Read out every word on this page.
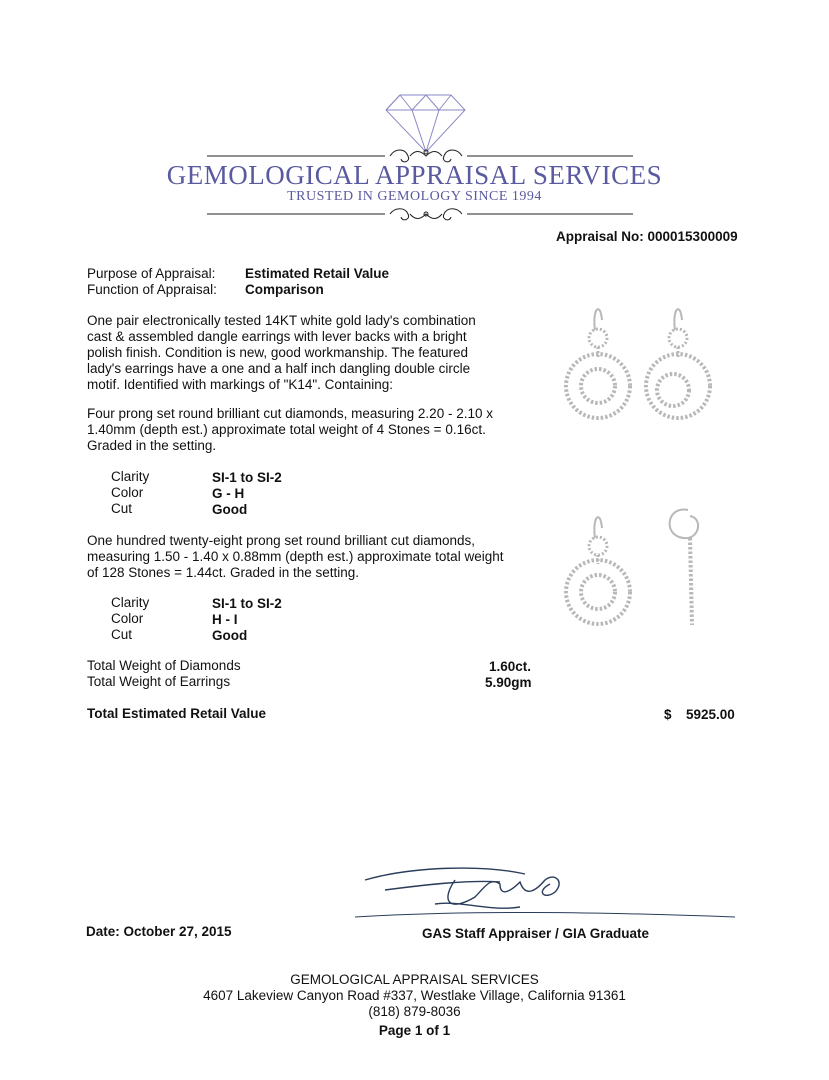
GEMOLOGICAL APPRAISAL SERVICES
TRUSTED IN GEMOLOGY SINCE 1994
Appraisal No: 000015300009
Purpose of Appraisal: Estimated Retail Value
Function of Appraisal: Comparison
One pair electronically tested 14KT white gold lady's combination cast & assembled dangle earrings with lever backs with a bright polish finish. Condition is new, good workmanship. The featured lady's earrings have a one and a half inch dangling double circle motif. Identified with markings of "K14". Containing:
Four prong set round brilliant cut diamonds, measuring 2.20 - 2.10 x 1.40mm (depth est.) approximate total weight of 4 Stones = 0.16ct. Graded in the setting.
Clarity	SI-1 to SI-2
Color	G - H
Cut	Good
One hundred twenty-eight prong set round brilliant cut diamonds, measuring 1.50 - 1.40 x 0.88mm (depth est.) approximate total weight of 128 Stones = 1.44ct. Graded in the setting.
Clarity	SI-1 to SI-2
Color	H - I
Cut	Good
Total Weight of Diamonds	1.60ct.
Total Weight of Earrings	5.90gm
Total Estimated Retail Value	$ 5925.00
Date: October 27, 2015	GAS Staff Appraiser / GIA Graduate
GEMOLOGICAL APPRAISAL SERVICES
4607 Lakeview Canyon Road #337, Westlake Village, California 91361
(818) 879-8036
Page 1 of 1
